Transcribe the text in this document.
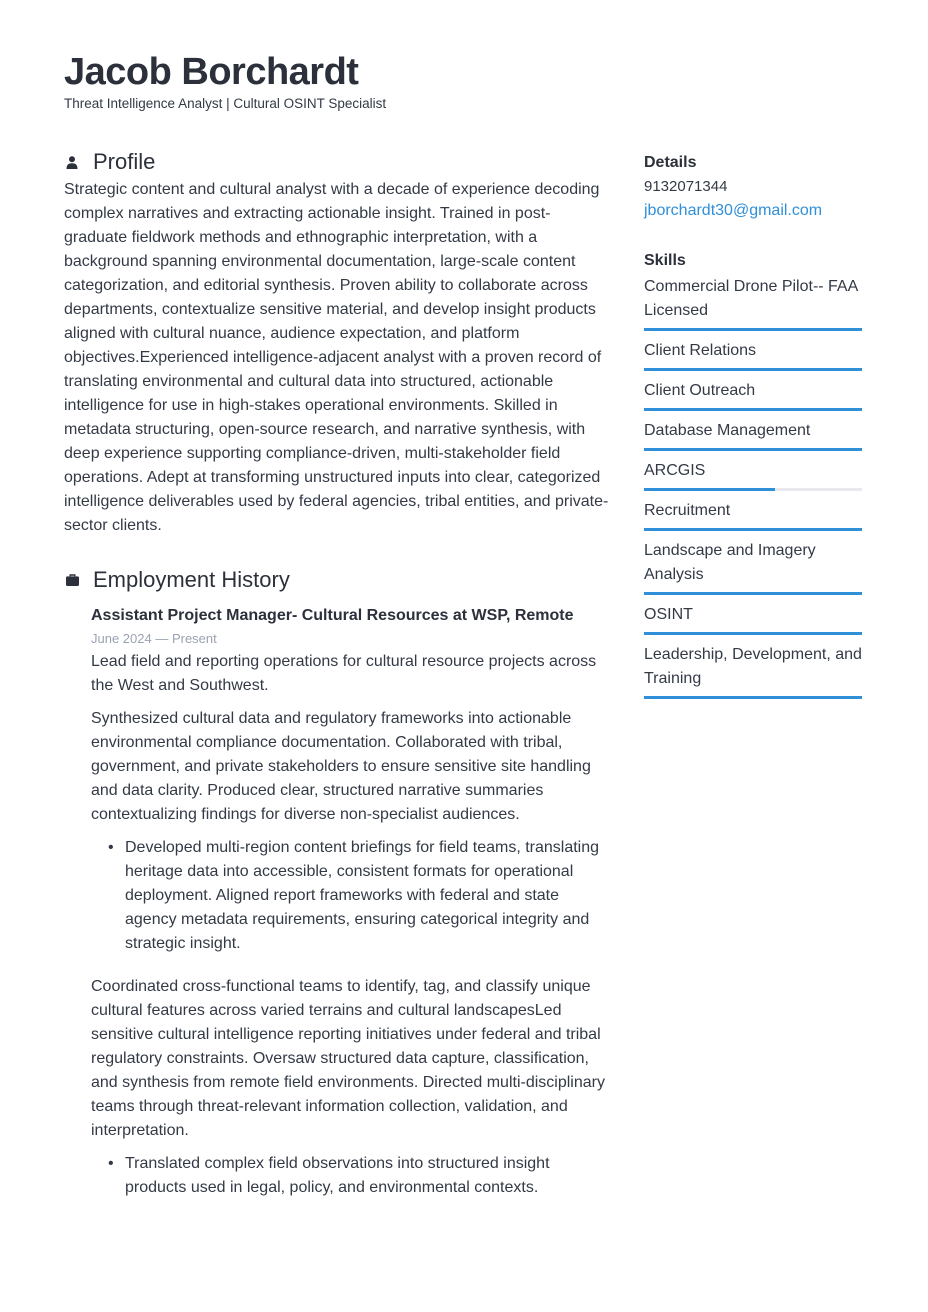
Jacob Borchardt
Threat Intelligence Analyst | Cultural OSINT Specialist
Profile

Strategic content and cultural analyst with a decade of experience decoding complex narratives and extracting actionable insight. Trained in post-graduate fieldwork methods and ethnographic interpretation, with a background spanning environmental documentation, large-scale content categorization, and editorial synthesis. Proven ability to collaborate across departments, contextualize sensitive material, and develop insight products aligned with cultural nuance, audience expectation, and platform objectives.Experienced intelligence-adjacent analyst with a proven record of translating environmental and cultural data into structured, actionable intelligence for use in high-stakes operational environments. Skilled in metadata structuring, open-source research, and narrative synthesis, with deep experience supporting compliance-driven, multi-stakeholder field operations. Adept at transforming unstructured inputs into clear, categorized intelligence deliverables used by federal agencies, tribal entities, and private-sector clients.

Employment History
Assistant Project Manager- Cultural Resources at WSP, Remote
June 2024 — Present

Lead field and reporting operations for cultural resource projects across the West and Southwest.

Synthesized cultural data and regulatory frameworks into actionable environmental compliance documentation. Collaborated with tribal, government, and private stakeholders to ensure sensitive site handling and data clarity. Produced clear, structured narrative summaries contextualizing findings for diverse non-specialist audiences.

• Developed multi-region content briefings for field teams, translating heritage data into accessible, consistent formats for operational deployment. Aligned report frameworks with federal and state agency metadata requirements, ensuring categorical integrity and strategic insight.

Coordinated cross-functional teams to identify, tag, and classify unique cultural features across varied terrains and cultural landscapesLed sensitive cultural intelligence reporting initiatives under federal and tribal regulatory constraints. Oversaw structured data capture, classification, and synthesis from remote field environments. Directed multi-disciplinary teams through threat-relevant information collection, validation, and interpretation.

• Translated complex field observations into structured insight products used in legal, policy, and environmental contexts.
Details
9132071344
jborchardt30@gmail.com
Skills
Commercial Drone Pilot-- FAA Licensed
Client Relations
Client Outreach
Database Management
ARCGIS
Recruitment
Landscape and Imagery Analysis
OSINT
Leadership, Development, and Training
